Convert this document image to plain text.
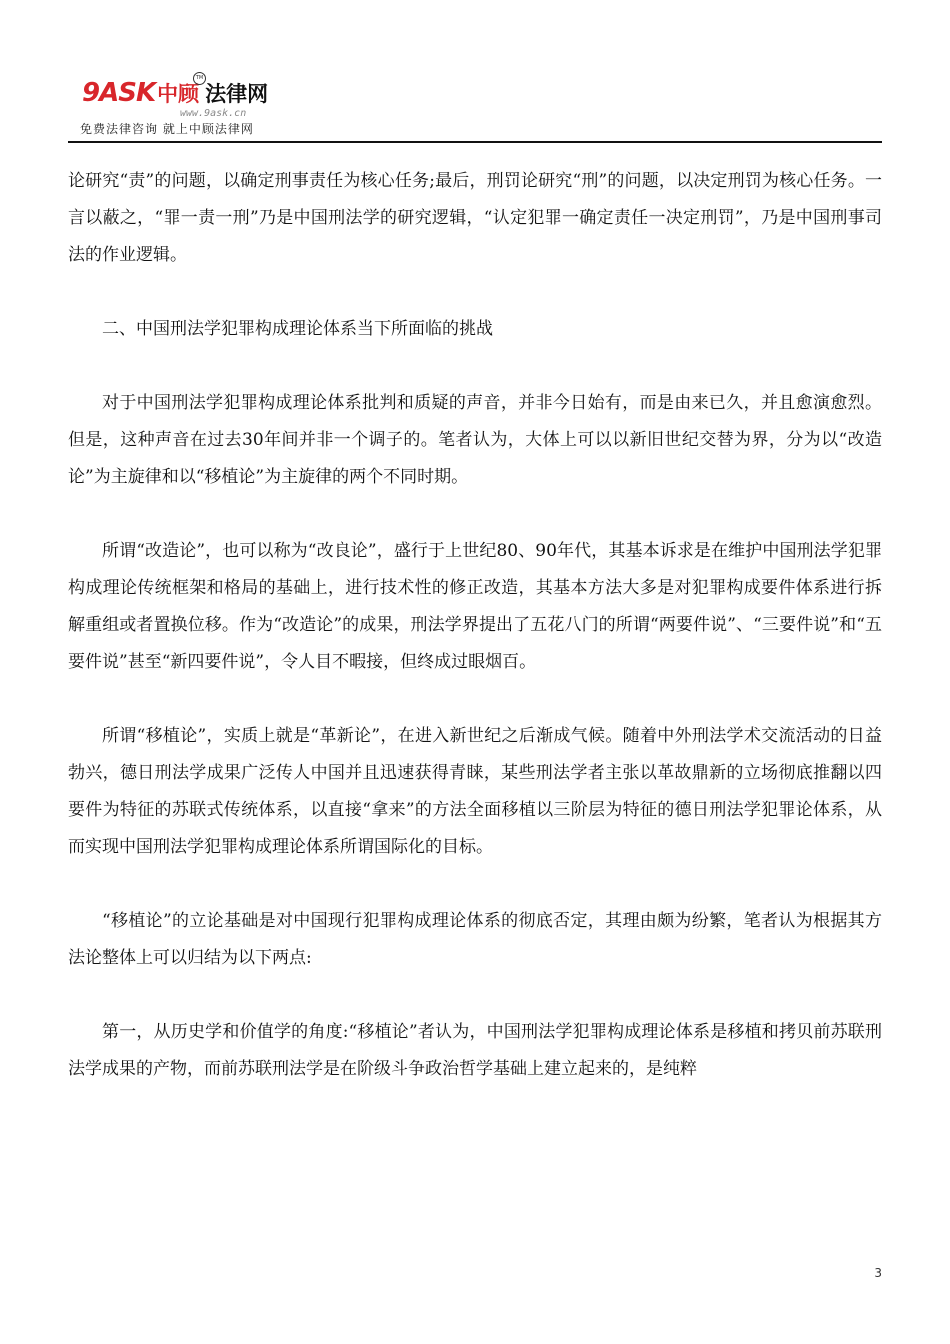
9ASK 中顾 法律网
TM
www.9ask.cn
免费法律咨询 就上中顾法律网

论研究“责”的问题，以确定刑事责任为核心任务;最后，刑罚论研究“刑”的问题，以决定刑罚为核心任务。一言以蔽之，“罪一责一刑”乃是中国刑法学的研究逻辑，“认定犯罪一确定责任一决定刑罚”，乃是中国刑事司法的作业逻辑。

二、中国刑法学犯罪构成理论体系当下所面临的挑战

对于中国刑法学犯罪构成理论体系批判和质疑的声音，并非今日始有，而是由来已久，并且愈演愈烈。但是，这种声音在过去30年间并非一个调子的。笔者认为，大体上可以以新旧世纪交替为界，分为以“改造论”为主旋律和以“移植论”为主旋律的两个不同时期。

所谓“改造论”，也可以称为“改良论”，盛行于上世纪80、90年代，其基本诉求是在维护中国刑法学犯罪构成理论传统框架和格局的基础上，进行技术性的修正改造，其基本方法大多是对犯罪构成要件体系进行拆解重组或者置换位移。作为“改造论”的成果，刑法学界提出了五花八门的所谓“两要件说”、“三要件说”和“五要件说”甚至“新四要件说”，令人目不暇接，但终成过眼烟百。

所谓“移植论”，实质上就是“革新论”，在进入新世纪之后渐成气候。随着中外刑法学术交流活动的日益勃兴，德日刑法学成果广泛传人中国并且迅速获得青睐，某些刑法学者主张以革故鼎新的立场彻底推翻以四要件为特征的苏联式传统体系，以直接“拿来”的方法全面移植以三阶层为特征的德日刑法学犯罪论体系，从而实现中国刑法学犯罪构成理论体系所谓国际化的目标。

“移植论”的立论基础是对中国现行犯罪构成理论体系的彻底否定，其理由颇为纷繁，笔者认为根据其方法论整体上可以归结为以下两点:

第一，从历史学和价值学的角度:“移植论”者认为，中国刑法学犯罪构成理论体系是移植和拷贝前苏联刑法学成果的产物，而前苏联刑法学是在阶级斗争政治哲学基础上建立起来的，是纯粹

3
